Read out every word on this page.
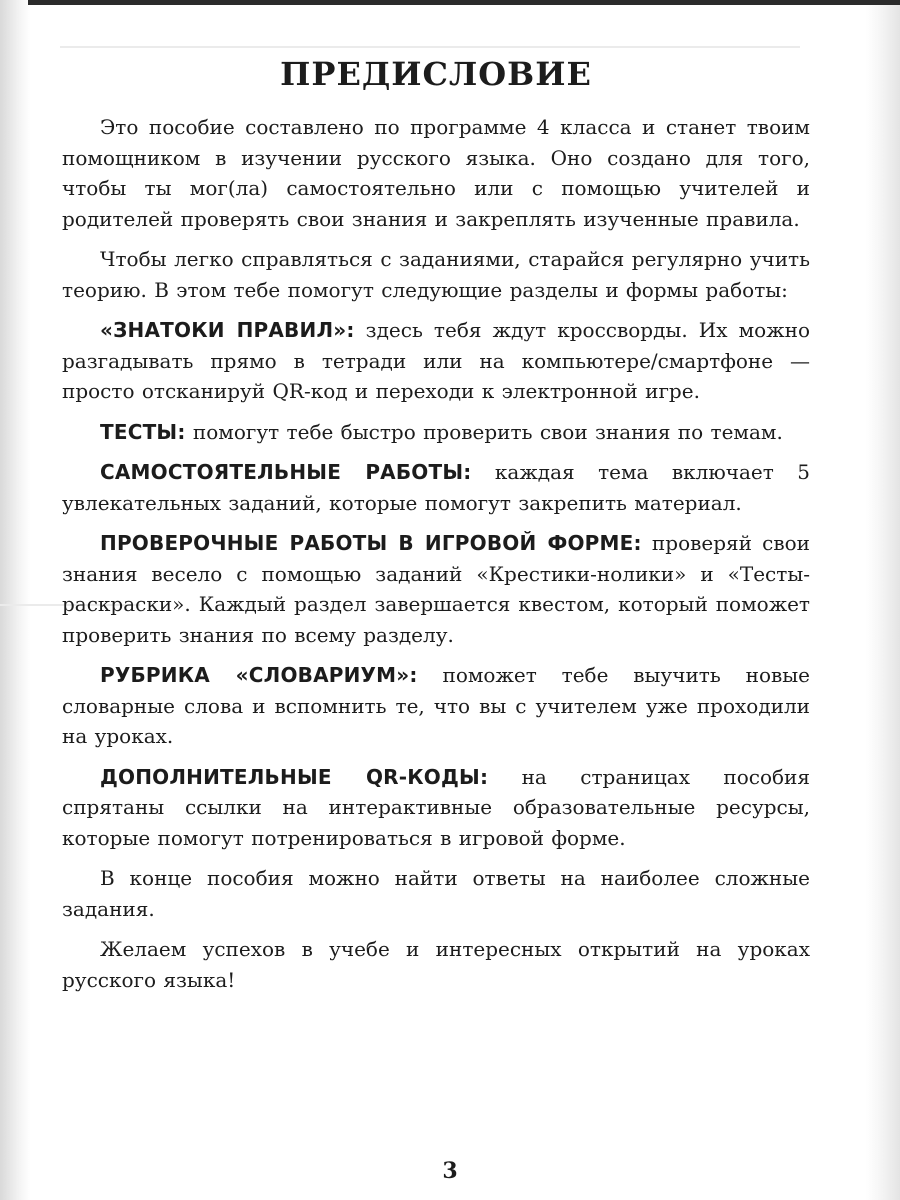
ПРЕДИСЛОВИЕ

Это пособие составлено по программе 4 класса и станет твоим помощником в изучении русского языка. Оно создано для того, чтобы ты мог(ла) самостоятельно или с помощью учителей и родителей проверять свои знания и закреплять изученные правила.

Чтобы легко справляться с заданиями, старайся регулярно учить теорию. В этом тебе помогут следующие разделы и формы работы:

«ЗНАТОКИ ПРАВИЛ»: здесь тебя ждут кроссворды. Их можно разгадывать прямо в тетради или на компьютере/смартфоне — просто отсканируй QR-код и переходи к электронной игре.

ТЕСТЫ: помогут тебе быстро проверить свои знания по темам.

САМОСТОЯТЕЛЬНЫЕ РАБОТЫ: каждая тема включает 5 увлекательных заданий, которые помогут закрепить материал.

ПРОВЕРОЧНЫЕ РАБОТЫ В ИГРОВОЙ ФОРМЕ: проверяй свои знания весело с помощью заданий «Крестики-нолики» и «Тесты-раскраски». Каждый раздел завершается квестом, который поможет проверить знания по всему разделу.

РУБРИКА «СЛОВАРИУМ»: поможет тебе выучить новые словарные слова и вспомнить те, что вы с учителем уже проходили на уроках.

ДОПОЛНИТЕЛЬНЫЕ QR-КОДЫ: на страницах пособия спрятаны ссылки на интерактивные образовательные ресурсы, которые помогут потренироваться в игровой форме.

В конце пособия можно найти ответы на наиболее сложные задания.

Желаем успехов в учебе и интересных открытий на уроках русского языка!

3
